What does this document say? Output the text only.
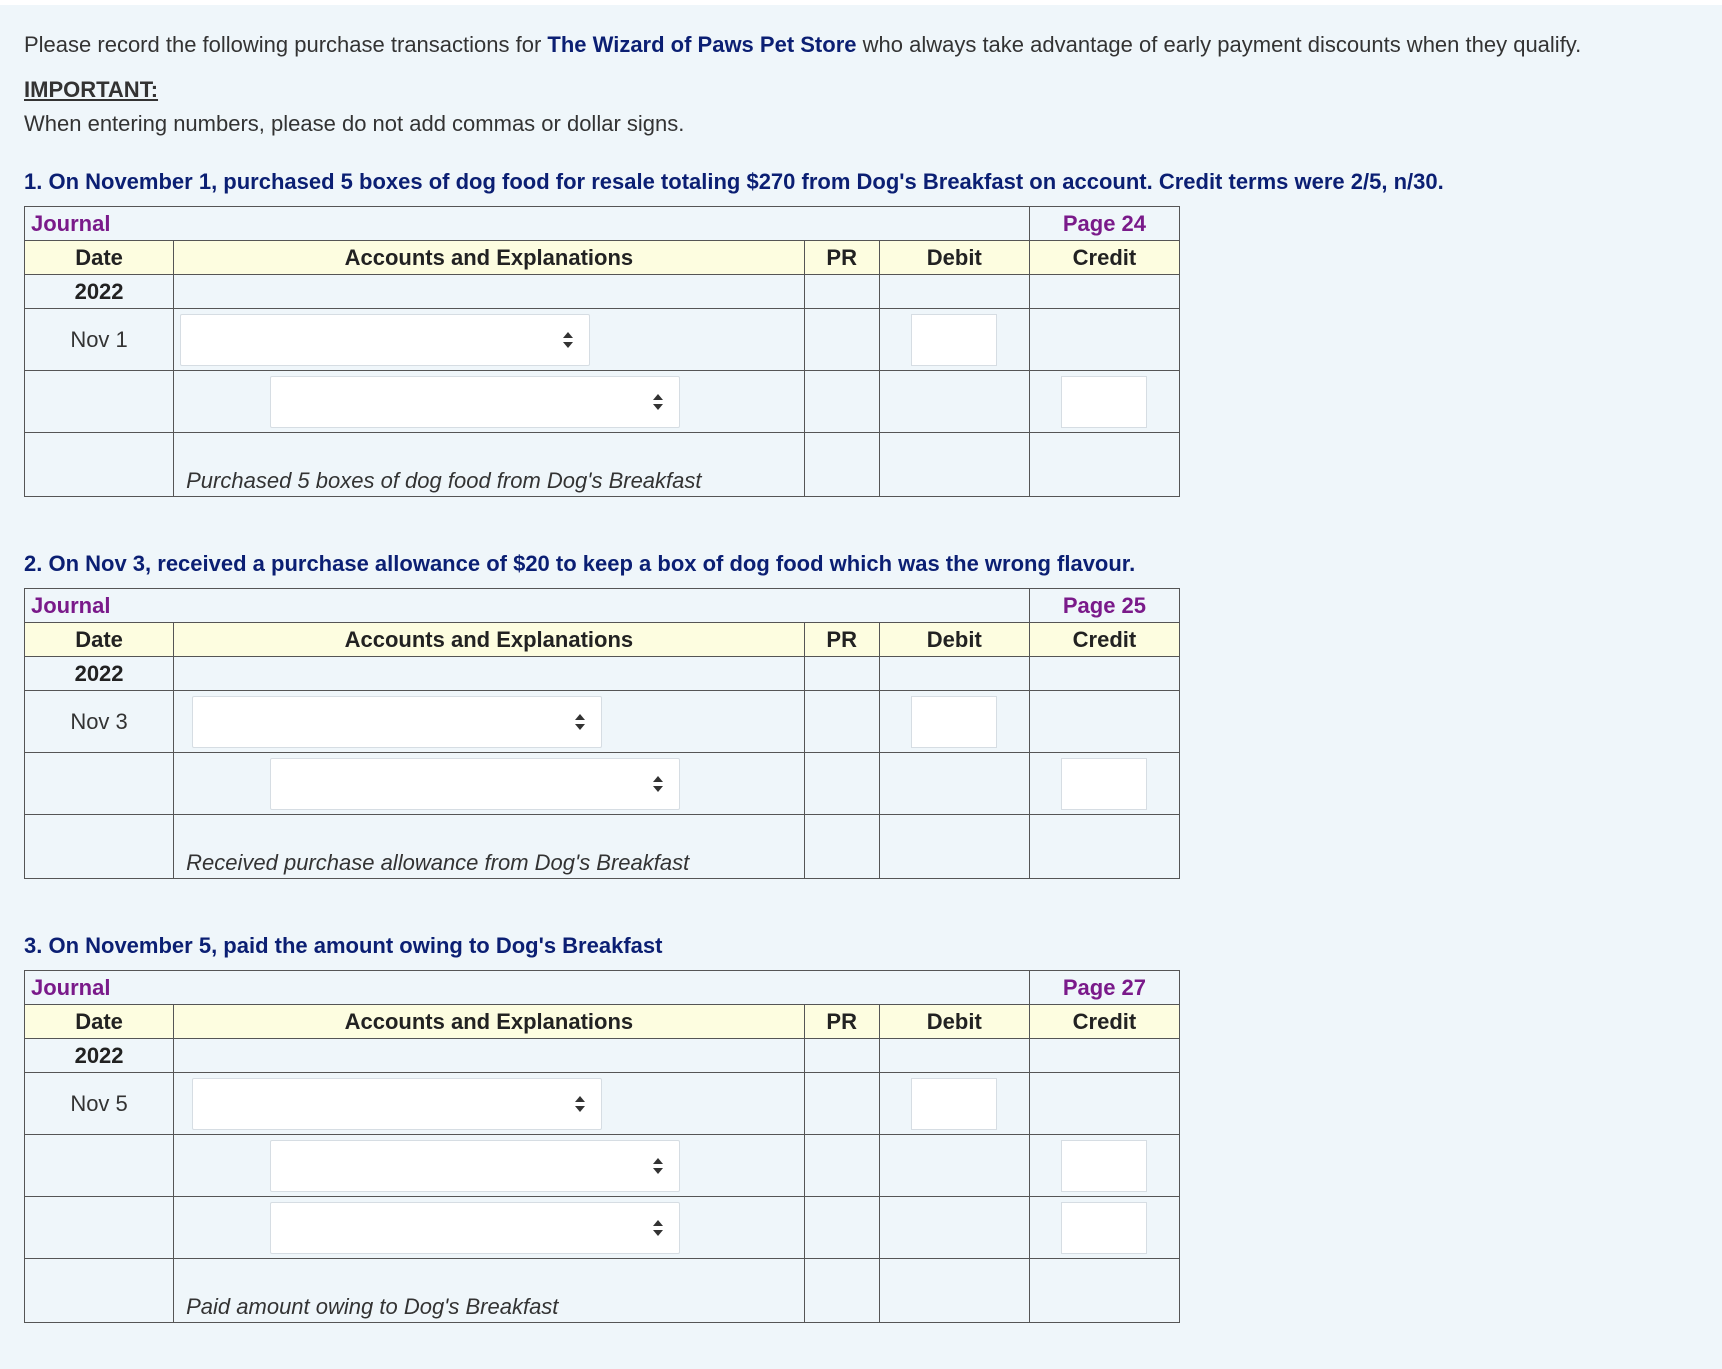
Please record the following purchase transactions for The Wizard of Paws Pet Store who always take advantage of early payment discounts when they qualify.
IMPORTANT:
When entering numbers, please do not add commas or dollar signs.
1. On November 1, purchased 5 boxes of dog food for resale totaling $270 from Dog's Breakfast on account. Credit terms were 2/5, n/30.
Journal				Page 24
Date	Accounts and Explanations	PR	Debit	Credit
2022				
Nov 1	

	Purchased 5 boxes of dog food from Dog's Breakfast			
2. On Nov 3, received a purchase allowance of $20 to keep a box of dog food which was the wrong flavour.
Journal				Page 25
Date	Accounts and Explanations	PR	Debit	Credit
2022				
Nov 3	

	Received purchase allowance from Dog's Breakfast			
3. On November 5, paid the amount owing to Dog's Breakfast
Journal				Page 27
Date	Accounts and Explanations	PR	Debit	Credit
2022				
Nov 5	

	Paid amount owing to Dog's Breakfast			
